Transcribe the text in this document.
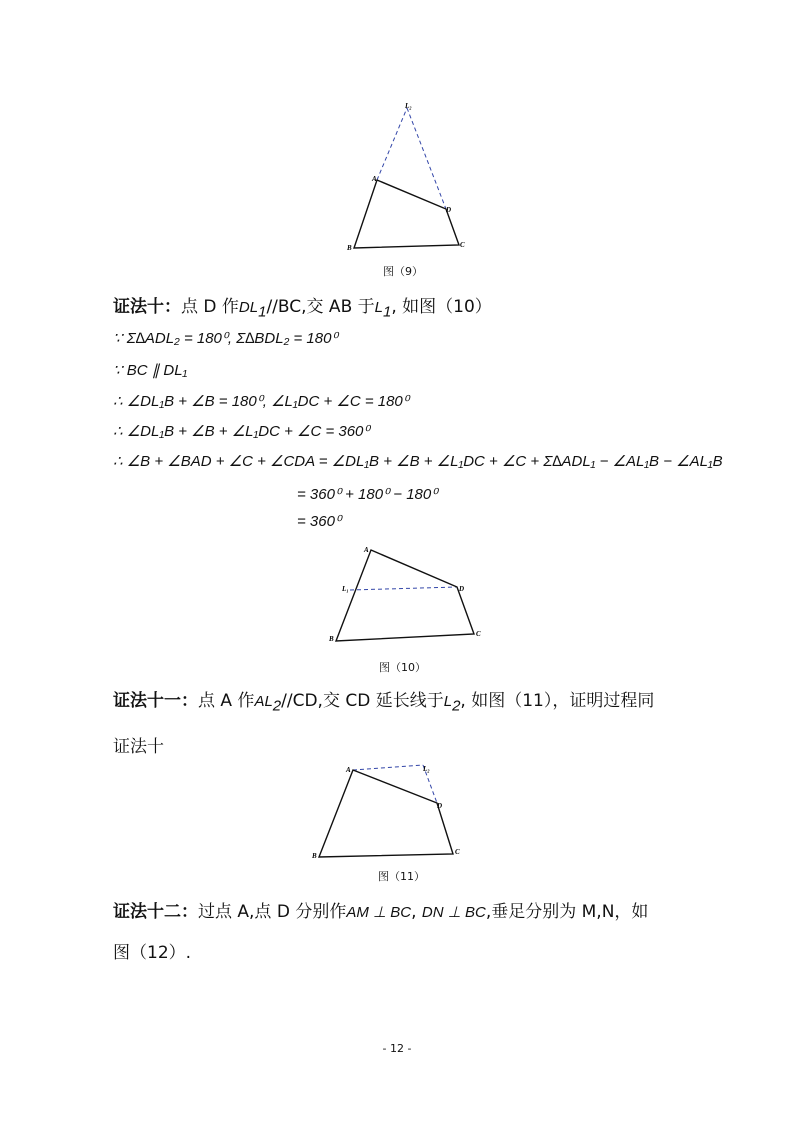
L₂
A
D
B	C
图（9）
证法十：点 D 作$DL_1//BC$,交 AB 于$L_1$, 如图（10）
∵ Σ∆ADL₂ = 180⁰, Σ∆BDL₂ = 180⁰
∵ BC ∥ DL₁
∴ ∠DL₁B + ∠B = 180⁰, ∠L₁DC + ∠C = 180⁰
∴ ∠DL₁B + ∠B + ∠L₁DC + ∠C = 360⁰
∴ ∠B + ∠BAD + ∠C + ∠CDA = ∠DL₁B + ∠B + ∠L₁DC + ∠C + Σ∆ADL₁ − ∠AL₁B − ∠AL₁B
= 360⁰ + 180⁰ − 180⁰
= 360⁰
A
L₁	D
B
C
图（10）
证法十一：点 A 作$AL_2//CD$,交 CD 延长线于$L_2$, 如图（11），证明过程同
证法十
A	L₂
D
B	C
图（11）
证法十二：过点 A,点 D 分别作AM ⊥ BC, DN ⊥ BC,垂足分别为 M,N，如
图（12）.
- 12 -
